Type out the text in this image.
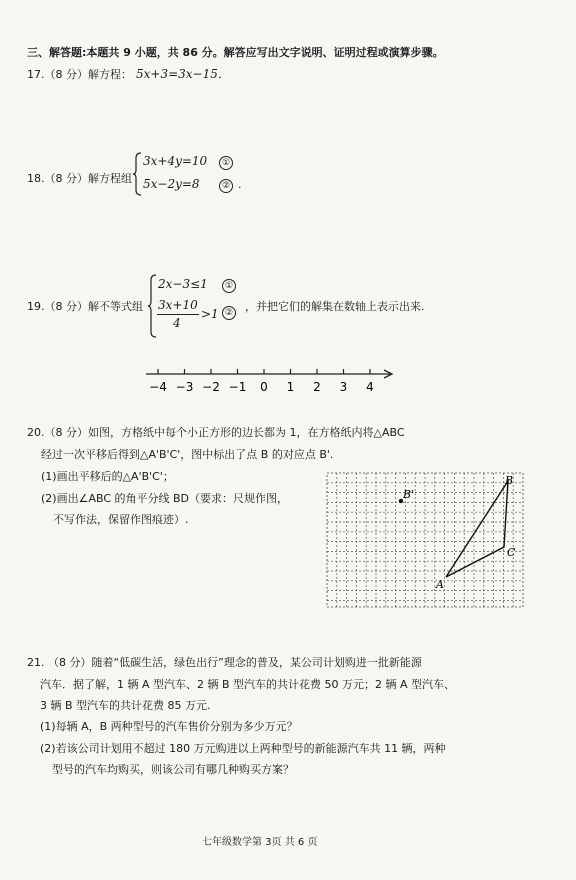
三、解答题:本题共 9 小题，共 86 分。解答应写出文字说明、证明过程或演算步骤。
17.（8 分）解方程： 5x+3=3x−15．
18.（8 分）解方程组
3x+4y=10
5x−2y=8
①
② .
19.（8 分）解不等式组
2x−3≤1
3x+10
4
>1
①
② ，并把它们的解集在数轴上表示出来.
−4 −3 −2 −1 0 1 2 3 4
20.（8 分）如图，方格纸中每个小正方形的边长都为 1，在方格纸内将△ABC
经过一次平移后得到△A'B'C'，图中标出了点 B 的对应点 B'.
(1)画出平移后的△A'B'C'；
(2)画出∠ABC 的角平分线 BD（要求：尺规作图，
不写作法，保留作图痕迹）.
A
B
C
B'
21. （8 分）随着“低碳生活，绿色出行”理念的普及，某公司计划购进一批新能源
汽车．据了解，1 辆 A 型汽车、2 辆 B 型汽车的共计花费 50 万元；2 辆 A 型汽车、
3 辆 B 型汽车的共计花费 85 万元.
(1)每辆 A，B 两种型号的汽车售价分别为多少万元？
(2)若该公司计划用不超过 180 万元购进以上两种型号的新能源汽车共 11 辆，两种
型号的汽车均购买，则该公司有哪几种购买方案？
七年级数学第 3页 共 6 页
